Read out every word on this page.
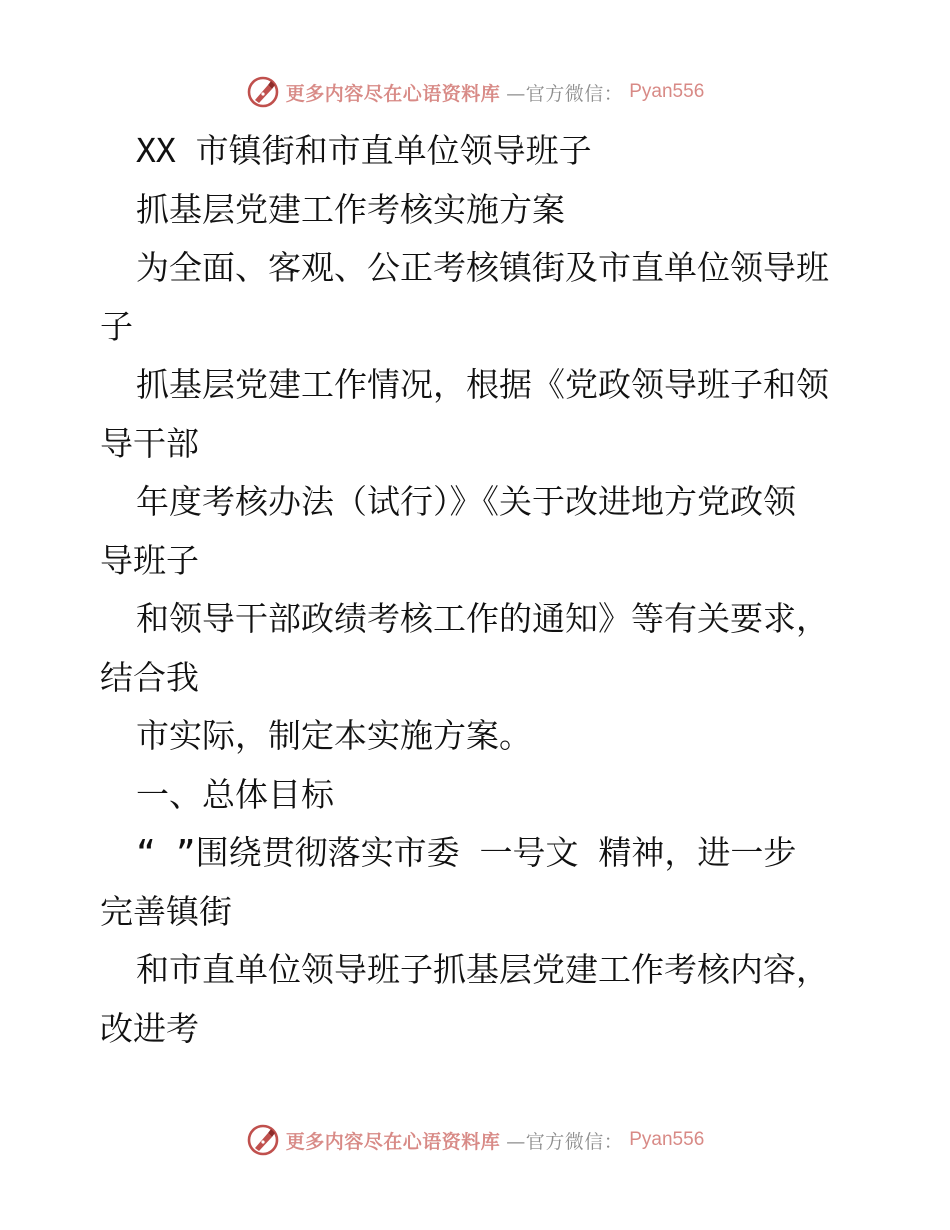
更多内容尽在心语资料库 —官方微信： Pyan556
XX 市镇街和市直单位领导班子
抓基层党建工作考核实施方案
为全面、客观、公正考核镇街及市直单位领导班
子
抓基层党建工作情况，根据《党政领导班子和领
导干部
年度考核办法（试行）》《关于改进地方党政领
导班子
和领导干部政绩考核工作的通知》等有关要求，
结合我
市实际，制定本实施方案。
一、总体目标
“ ”围绕贯彻落实市委 一号文 精神，进一步
完善镇街
和市直单位领导班子抓基层党建工作考核内容，
改进考
更多内容尽在心语资料库 —官方微信： Pyan556
